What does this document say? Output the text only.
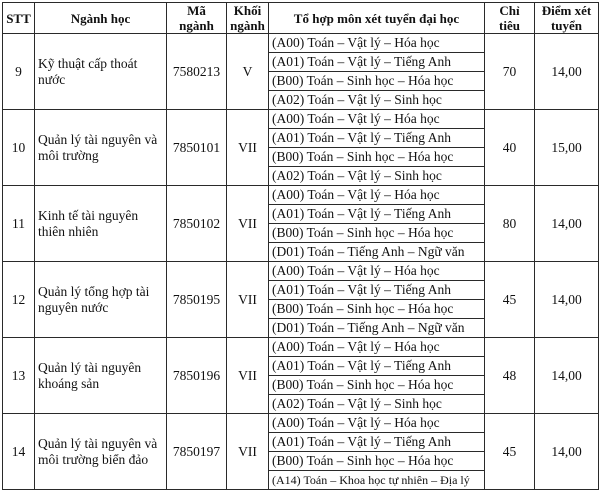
STT	Ngành học	Mã ngành	Khối ngành	Tổ hợp môn xét tuyển đại học	Chỉ tiêu	Điểm xét tuyển
9	Kỹ thuật cấp thoát nước	7580213	V	(A00) Toán – Vật lý – Hóa học	70	14,00
				(A01) Toán – Vật lý – Tiếng Anh		
				(B00) Toán – Sinh học – Hóa học		
				(A02) Toán – Vật lý – Sinh học		
10	Quản lý tài nguyên và môi trường	7850101	VII	(A00) Toán – Vật lý – Hóa học	40	15,00
				(A01) Toán – Vật lý – Tiếng Anh		
				(B00) Toán – Sinh học – Hóa học		
				(A02) Toán – Vật lý – Sinh học		
11	Kinh tế tài nguyên thiên nhiên	7850102	VII	(A00) Toán – Vật lý – Hóa học	80	14,00
				(A01) Toán – Vật lý – Tiếng Anh		
				(B00) Toán – Sinh học – Hóa học		
				(D01) Toán – Tiếng Anh – Ngữ văn		
12	Quản lý tổng hợp tài nguyên nước	7850195	VII	(A00) Toán – Vật lý – Hóa học	45	14,00
				(A01) Toán – Vật lý – Tiếng Anh		
				(B00) Toán – Sinh học – Hóa học		
				(D01) Toán – Tiếng Anh – Ngữ văn		
13	Quản lý tài nguyên khoáng sản	7850196	VII	(A00) Toán – Vật lý – Hóa học	48	14,00
				(A01) Toán – Vật lý – Tiếng Anh		
				(B00) Toán – Sinh học – Hóa học		
				(A02) Toán – Vật lý – Sinh học		
14	Quản lý tài nguyên và môi trường biển đảo	7850197	VII	(A00) Toán – Vật lý – Hóa học	45	14,00
				(A01) Toán – Vật lý – Tiếng Anh		
				(B00) Toán – Sinh học – Hóa học		
				(A14) Toán – Khoa học tự nhiên – Địa lý		
